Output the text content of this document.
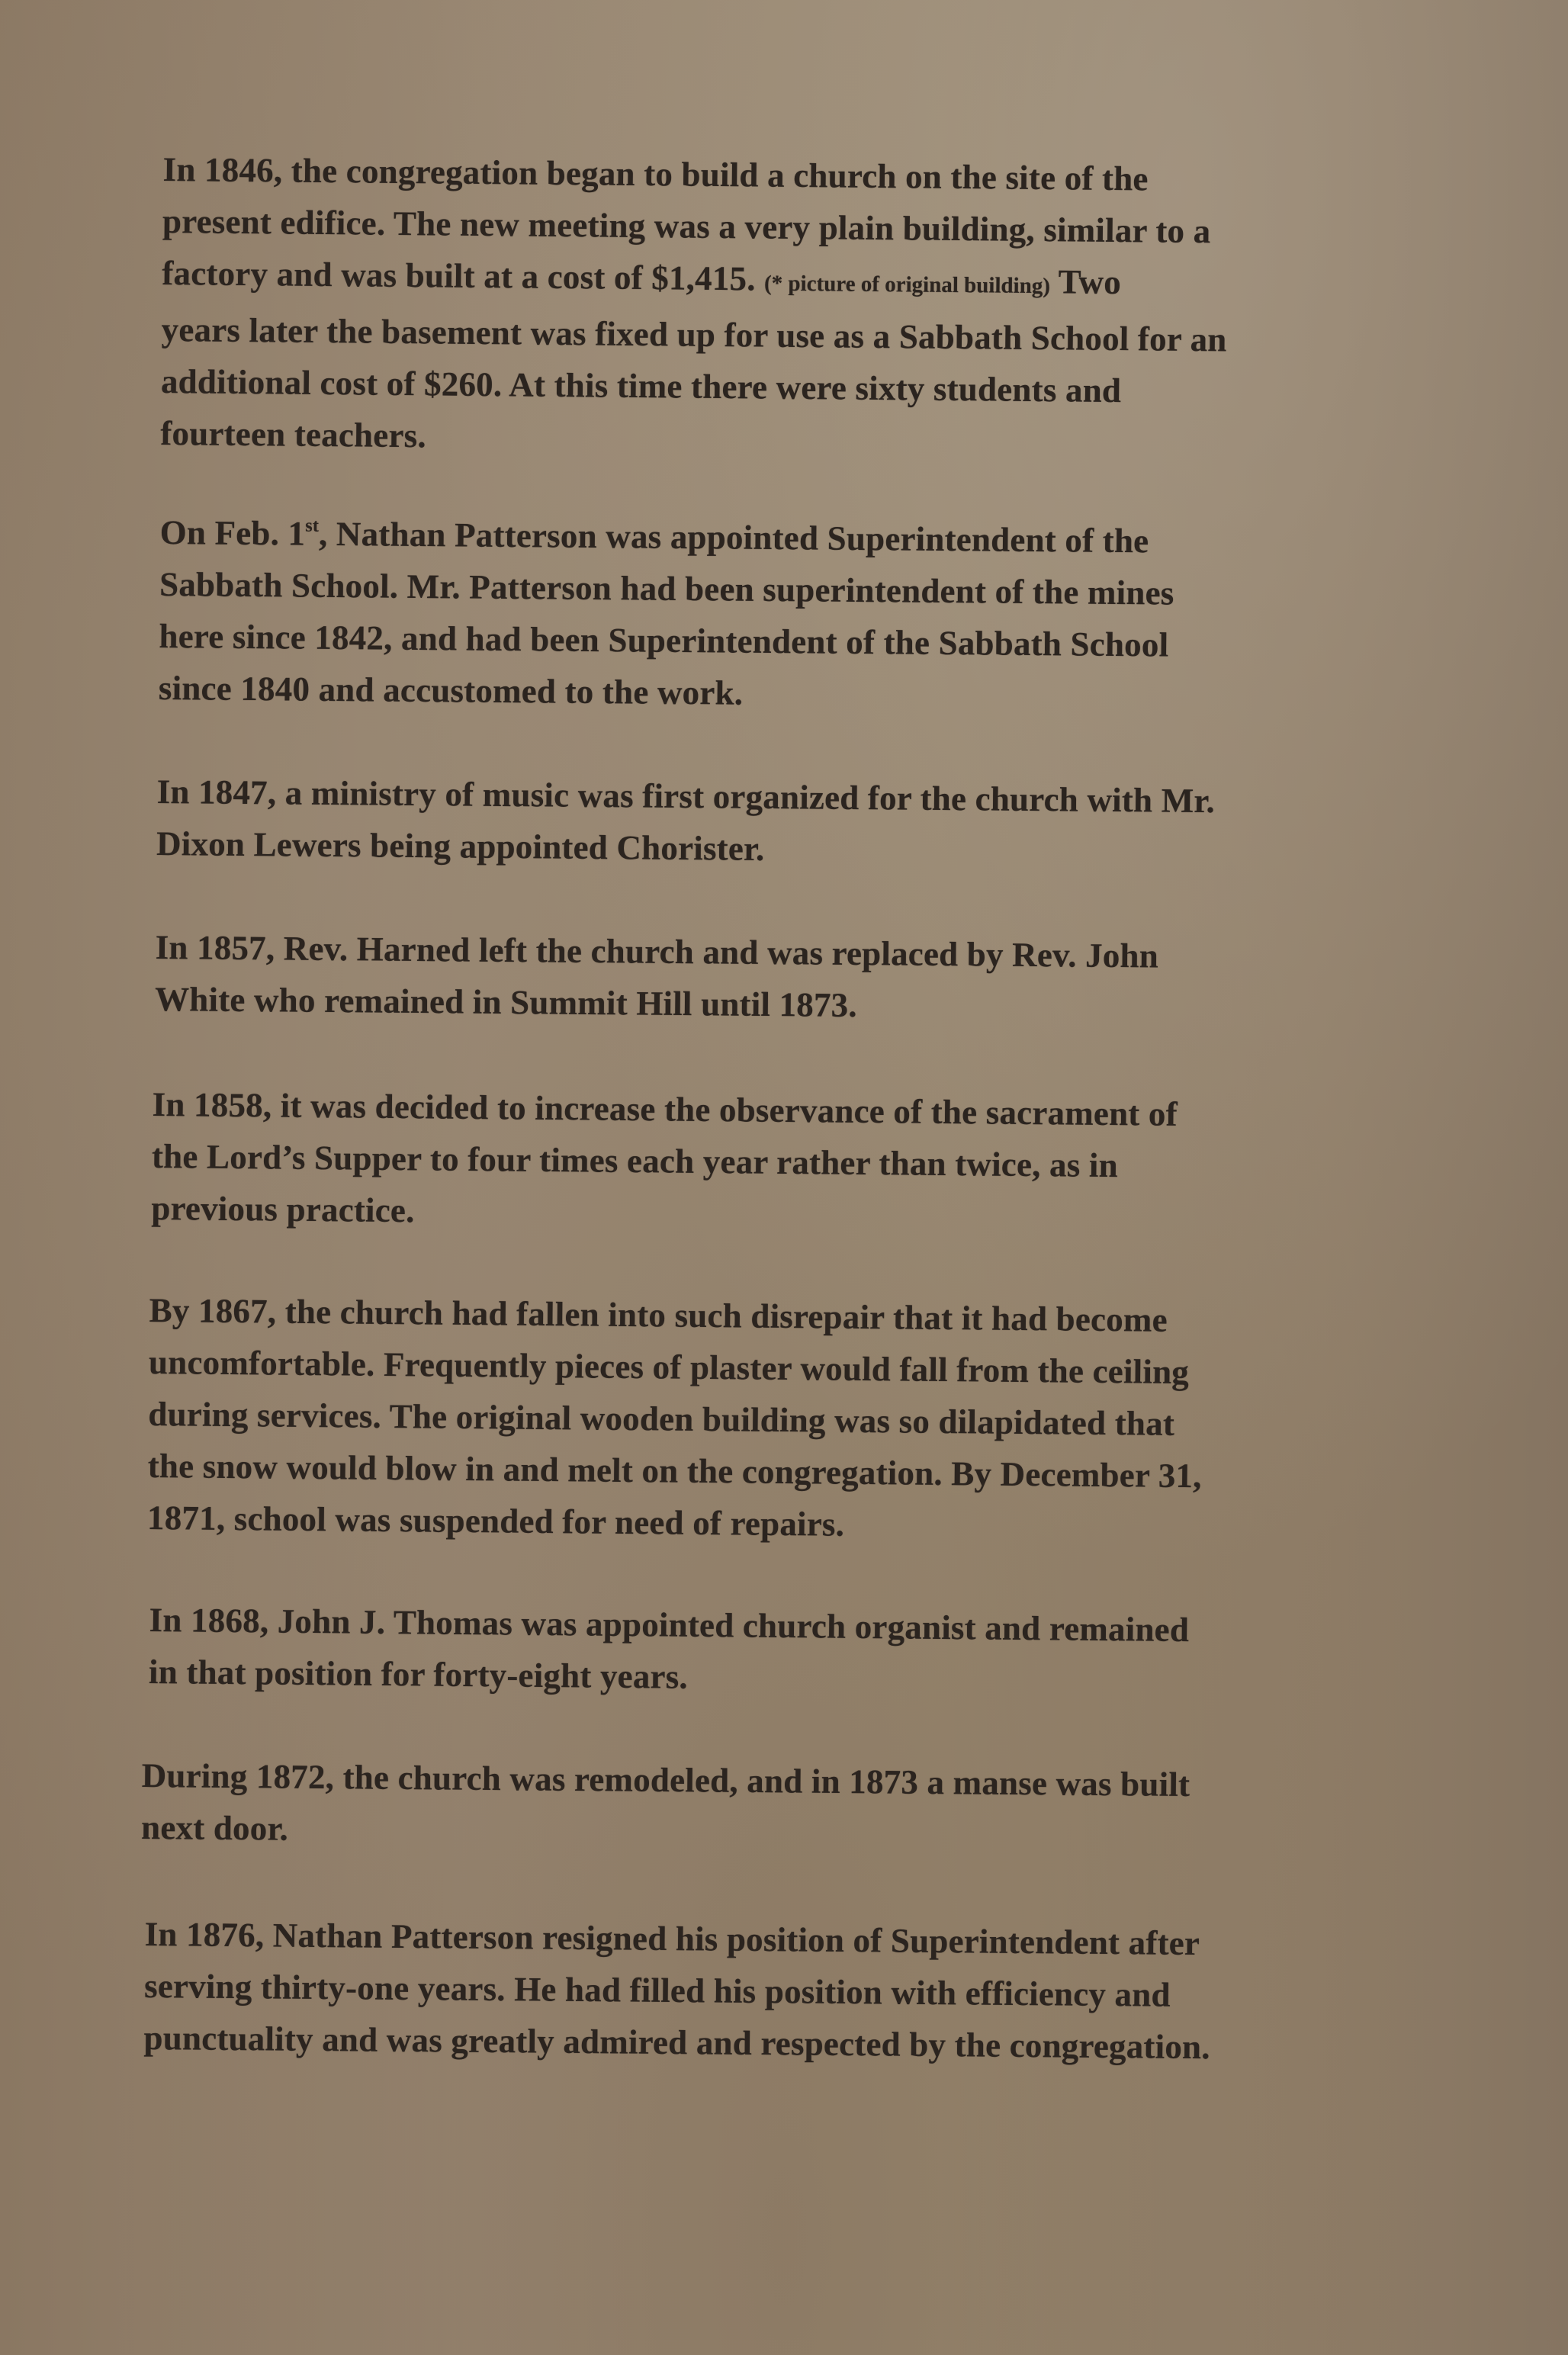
In 1846, the congregation began to build a church on the site of the
present edifice. The new meeting was a very plain building, similar to a
factory and was built at a cost of $1,415. (* picture of original building) Two
years later the basement was fixed up for use as a Sabbath School for an
additional cost of $260. At this time there were sixty students and
fourteen teachers.

On Feb. 1st, Nathan Patterson was appointed Superintendent of the
Sabbath School. Mr. Patterson had been superintendent of the mines
here since 1842, and had been Superintendent of the Sabbath School
since 1840 and accustomed to the work.

In 1847, a ministry of music was first organized for the church with Mr.
Dixon Lewers being appointed Chorister.

In 1857, Rev. Harned left the church and was replaced by Rev. John
White who remained in Summit Hill until 1873.

In 1858, it was decided to increase the observance of the sacrament of
the Lord’s Supper to four times each year rather than twice, as in
previous practice.

By 1867, the church had fallen into such disrepair that it had become
uncomfortable. Frequently pieces of plaster would fall from the ceiling
during services. The original wooden building was so dilapidated that
the snow would blow in and melt on the congregation. By December 31,
1871, school was suspended for need of repairs.

In 1868, John J. Thomas was appointed church organist and remained
in that position for forty-eight years.

During 1872, the church was remodeled, and in 1873 a manse was built
next door.

In 1876, Nathan Patterson resigned his position of Superintendent after
serving thirty-one years. He had filled his position with efficiency and
punctuality and was greatly admired and respected by the congregation.
